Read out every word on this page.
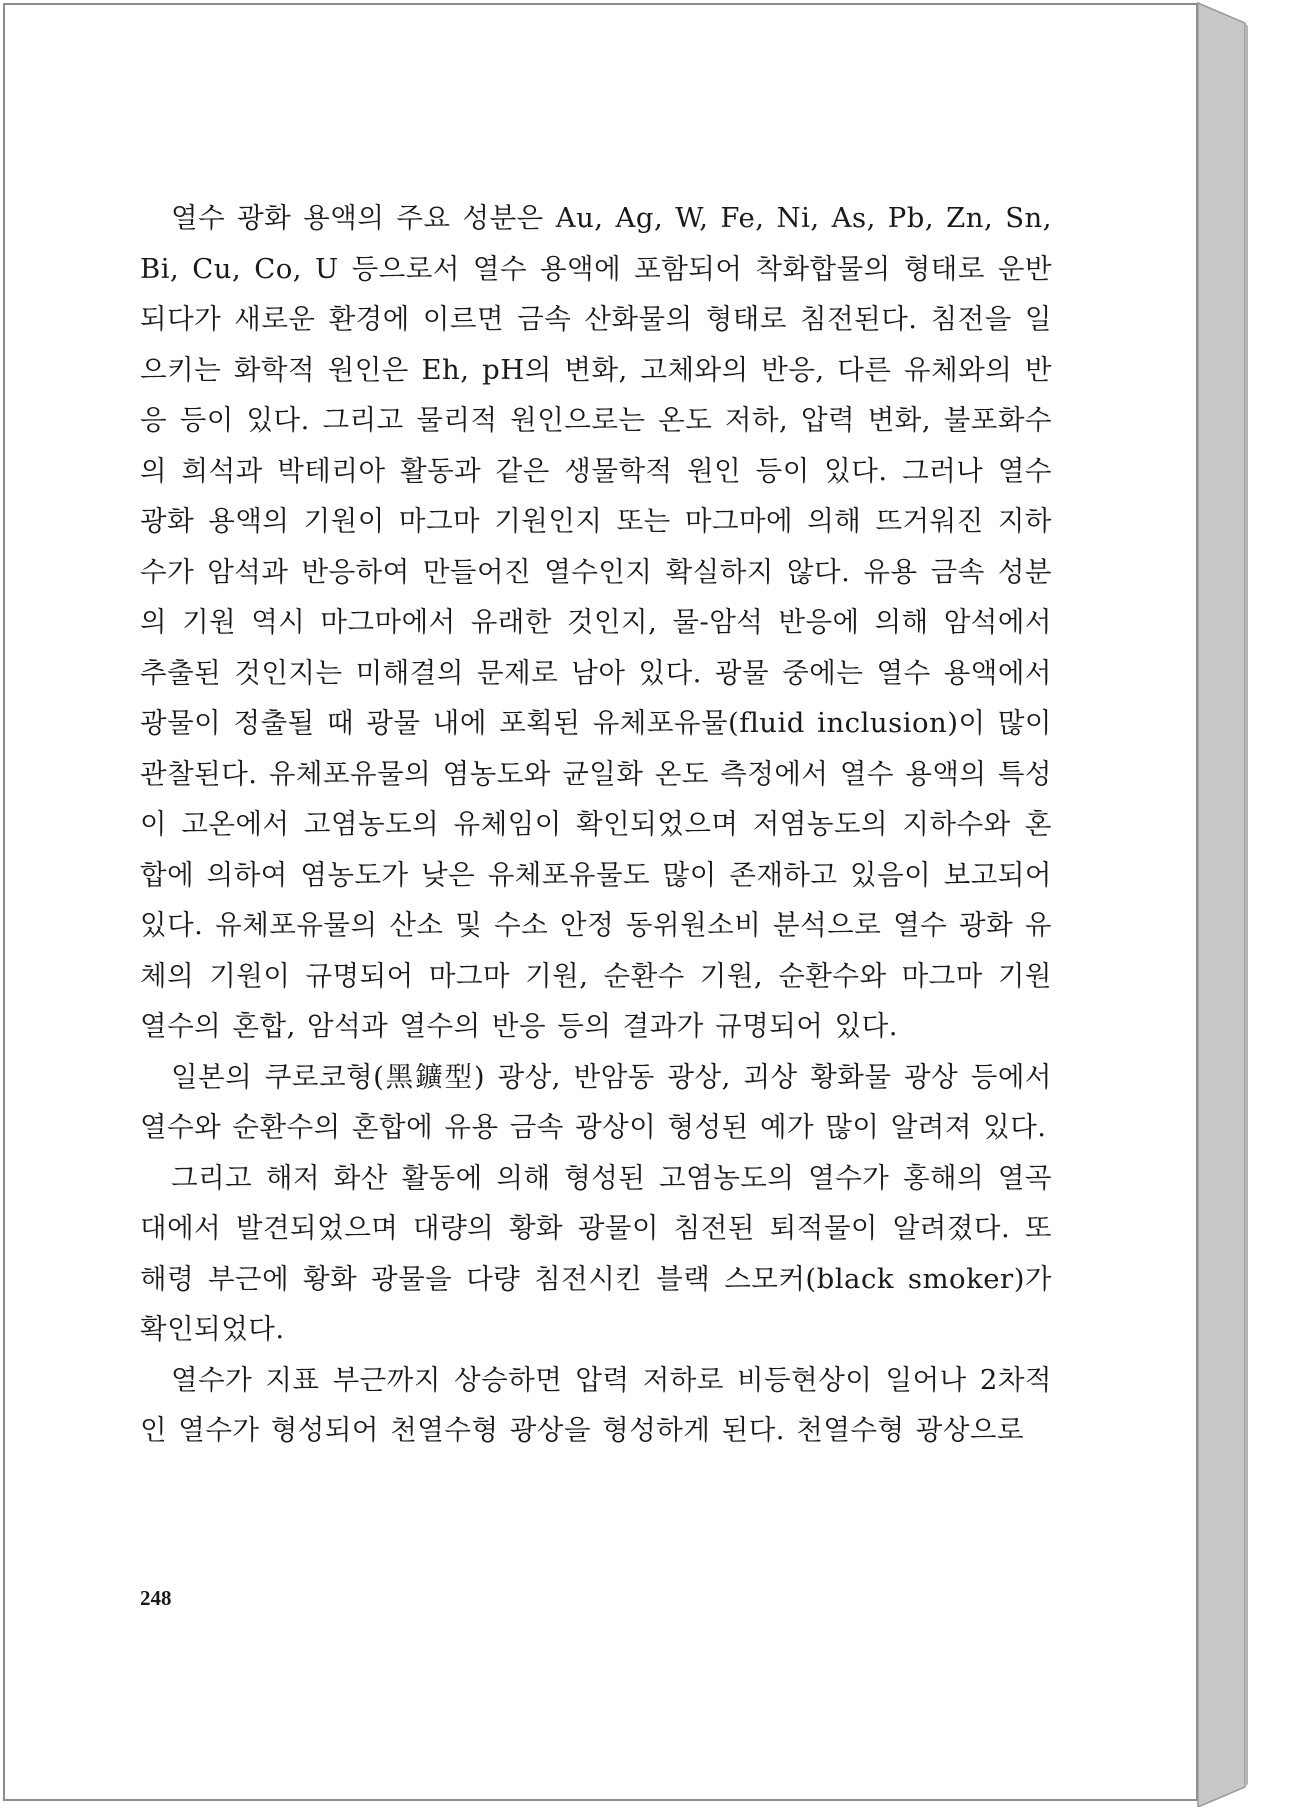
열수 광화 용액의 주요 성분은 Au, Ag, W, Fe, Ni, As, Pb, Zn, Sn, Bi, Cu, Co, U 등으로서 열수 용액에 포함되어 착화합물의 형태로 운반되다가 새로운 환경에 이르면 금속 산화물의 형태로 침전된다. 침전을 일으키는 화학적 원인은 Eh, pH의 변화, 고체와의 반응, 다른 유체와의 반응 등이 있다. 그리고 물리적 원인으로는 온도 저하, 압력 변화, 불포화수의 희석과 박테리아 활동과 같은 생물학적 원인 등이 있다. 그러나 열수 광화 용액의 기원이 마그마 기원인지 또는 마그마에 의해 뜨거워진 지하수가 암석과 반응하여 만들어진 열수인지 확실하지 않다. 유용 금속 성분의 기원 역시 마그마에서 유래한 것인지, 물-암석 반응에 의해 암석에서 추출된 것인지는 미해결의 문제로 남아 있다. 광물 중에는 열수 용액에서 광물이 정출될 때 광물 내에 포획된 유체포유물(fluid inclusion)이 많이 관찰된다. 유체포유물의 염농도와 균일화 온도 측정에서 열수 용액의 특성이 고온에서 고염농도의 유체임이 확인되었으며 저염농도의 지하수와 혼합에 의하여 염농도가 낮은 유체포유물도 많이 존재하고 있음이 보고되어 있다. 유체포유물의 산소 및 수소 안정 동위원소비 분석으로 열수 광화 유체의 기원이 규명되어 마그마 기원, 순환수 기원, 순환수와 마그마 기원 열수의 혼합, 암석과 열수의 반응 등의 결과가 규명되어 있다.

일본의 쿠로코형(黑鑛型) 광상, 반암동 광상, 괴상 황화물 광상 등에서 열수와 순환수의 혼합에 유용 금속 광상이 형성된 예가 많이 알려져 있다.

그리고 해저 화산 활동에 의해 형성된 고염농도의 열수가 홍해의 열곡대에서 발견되었으며 대량의 황화 광물이 침전된 퇴적물이 알려졌다. 또 해령 부근에 황화 광물을 다량 침전시킨 블랙 스모커(black smoker)가 확인되었다.

열수가 지표 부근까지 상승하면 압력 저하로 비등현상이 일어나 2차적인 열수가 형성되어 천열수형 광상을 형성하게 된다. 천열수형 광상으로

248
